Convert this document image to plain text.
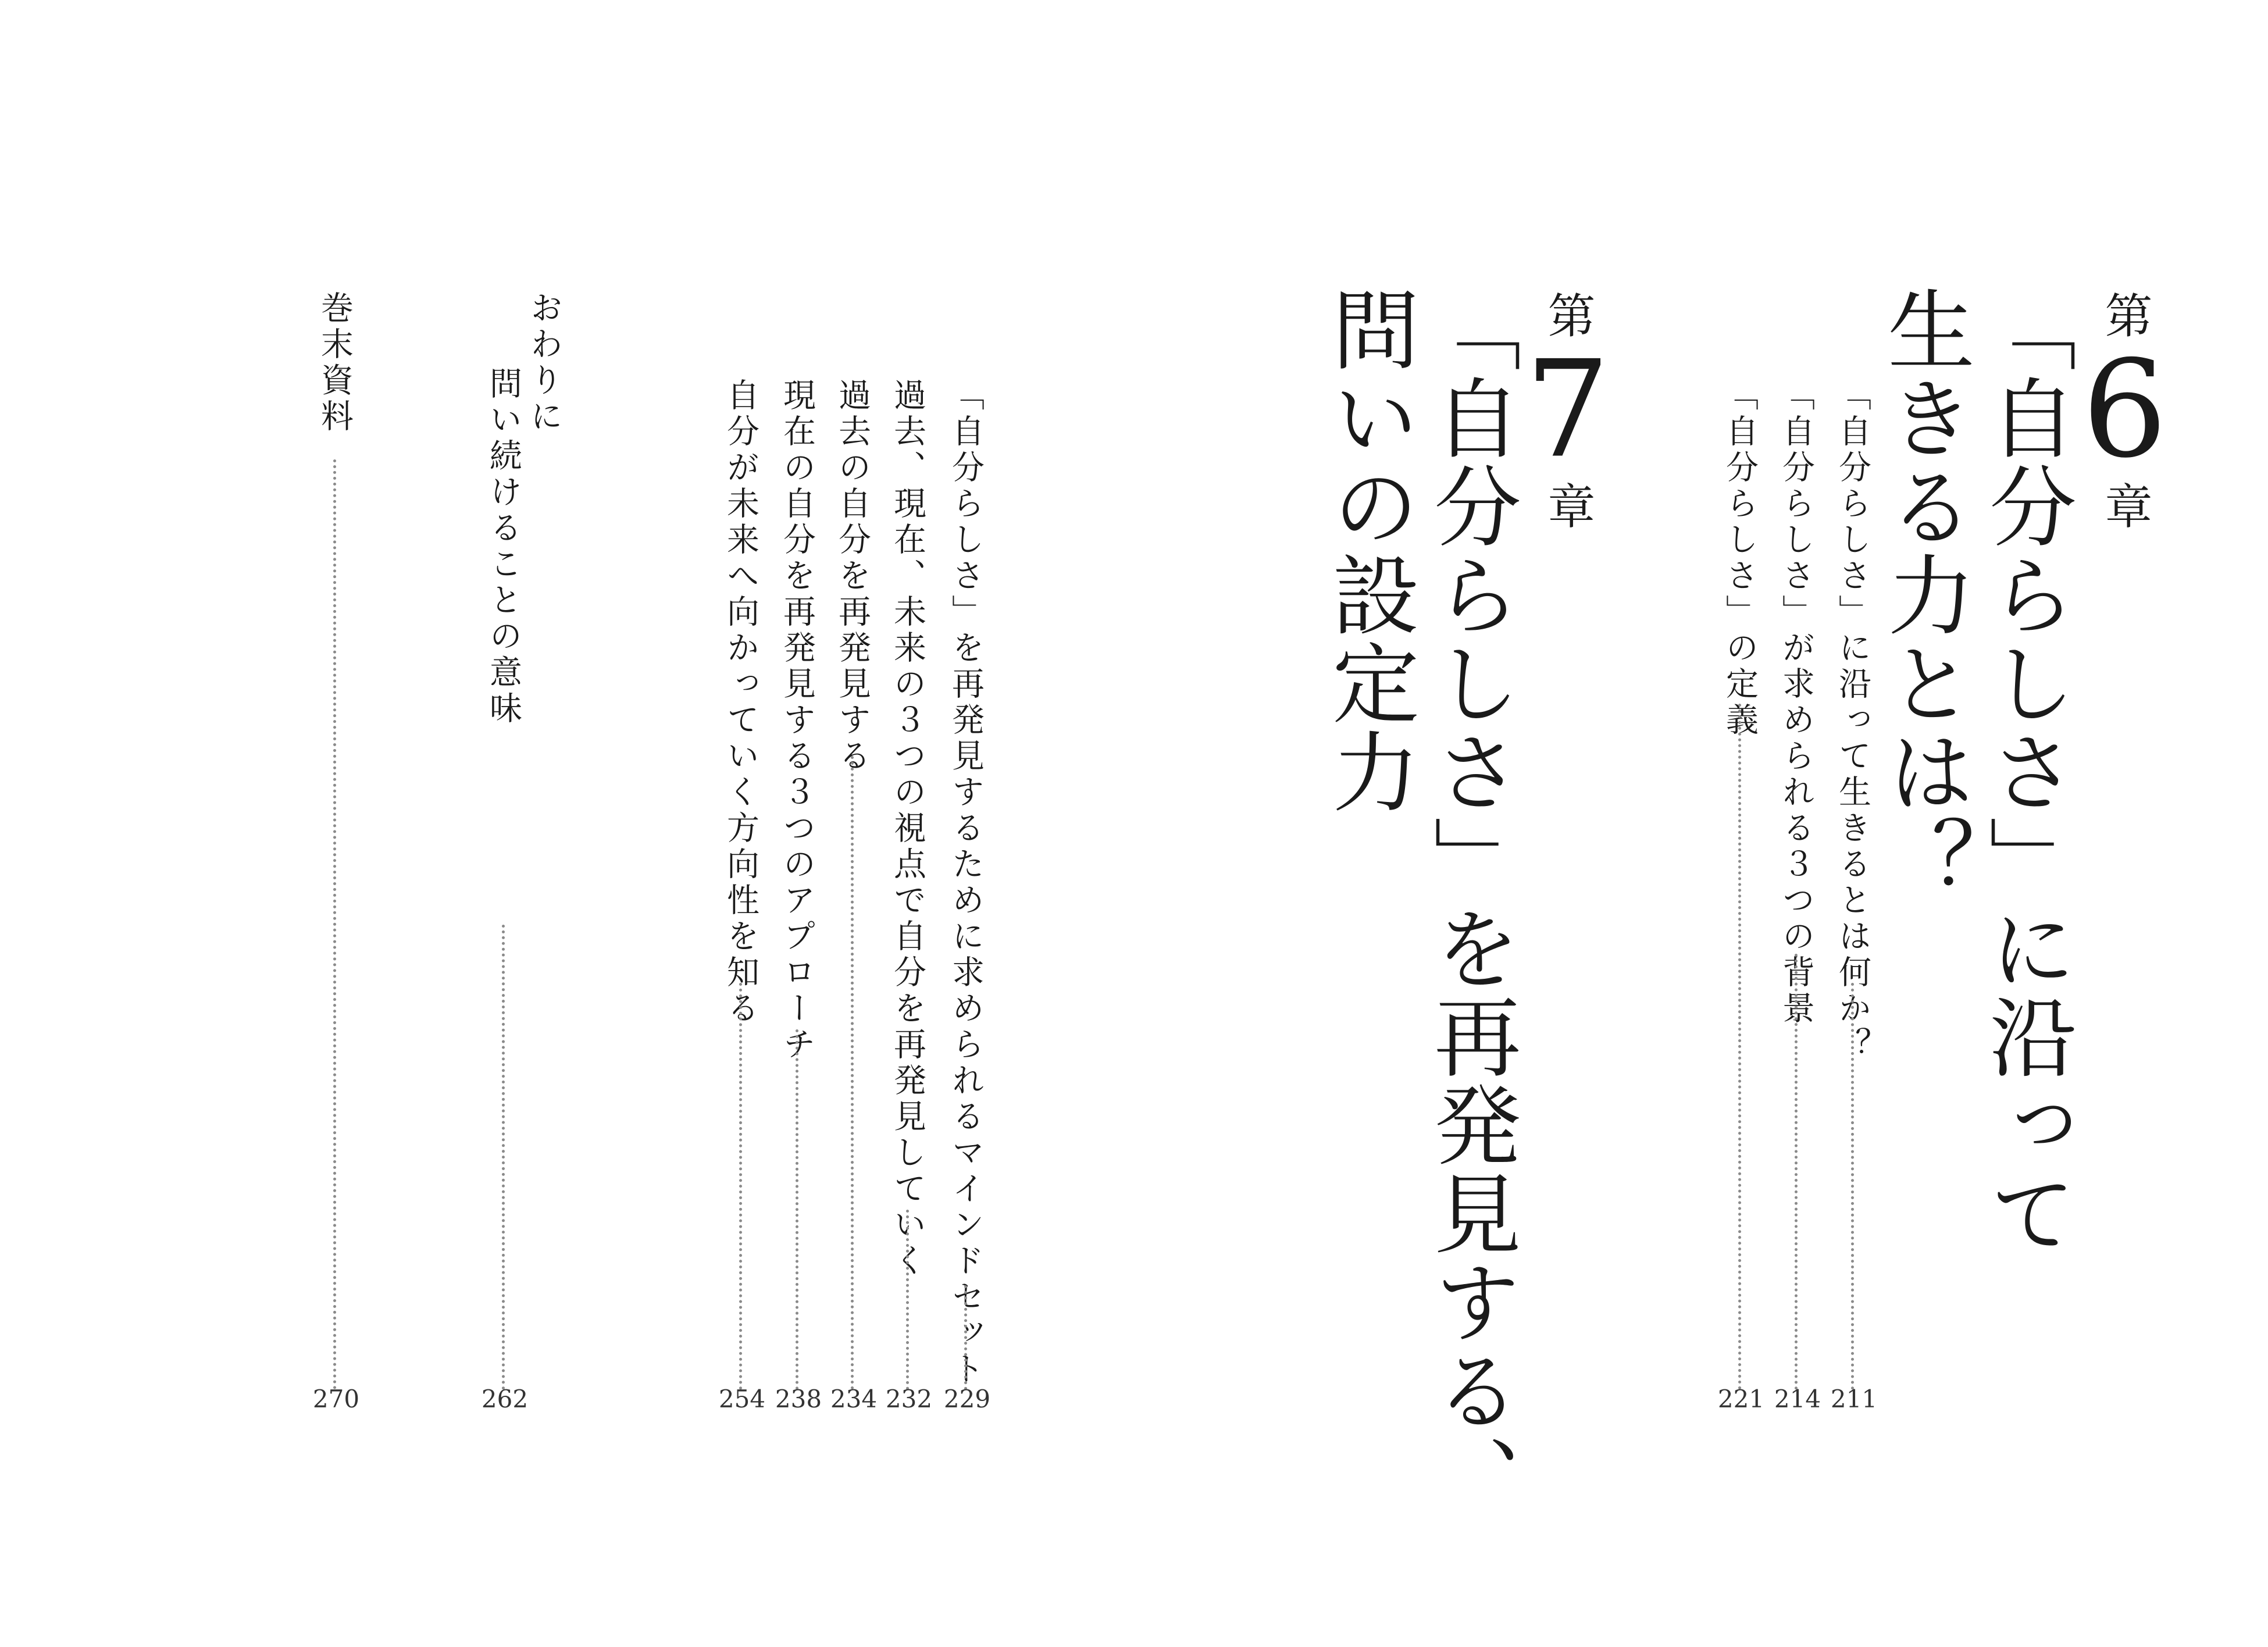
第
6
章
「自分らしさ」に沿って
生きる力とは？
「自分らしさ」に沿って生きるとは何か？
211
「自分らしさ」が求められる３つの背景
214
「自分らしさ」の定義
221
第
7
章
「自分らしさ」を再発見する、
問いの設定力
「自分らしさ」を再発見するために求められるマインドセット
229
過去、現在、未来の３つの視点で自分を再発見していく
232
過去の自分を再発見する
234
現在の自分を再発見する３つのアプローチ
238
自分が未来へ向かっていく方向性を知る
254
おわりに
問い続けることの意味
262
巻末資料
270
